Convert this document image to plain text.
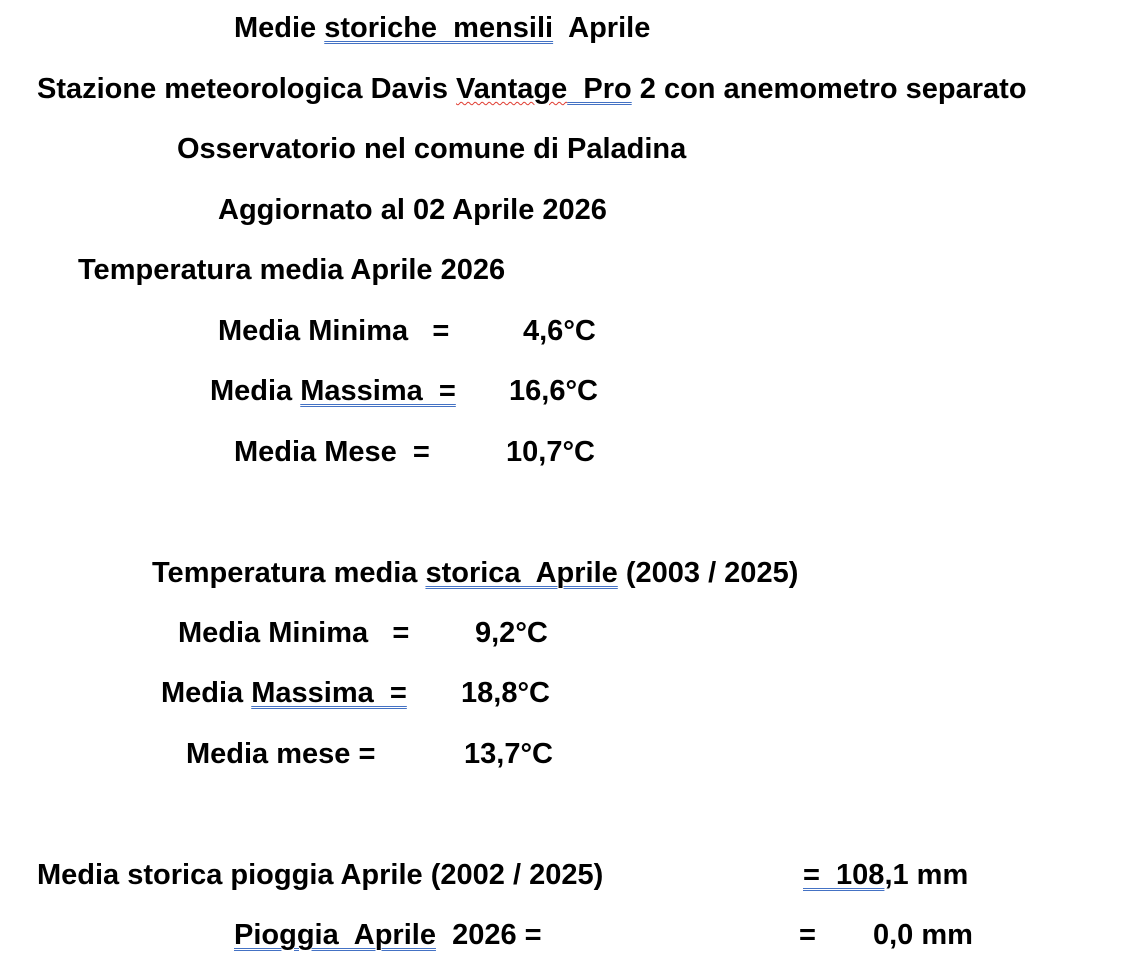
Medie storiche  mensili  Aprile
Stazione meteorologica Davis Vantage  Pro 2 con anemometro separato
Osservatorio nel comune di Paladina
Aggiornato al 02 Aprile 2026
Temperatura media Aprile 2026
Media Minima   =	4,6°C
Media Massima  = 16,6°C
Media Mese  =	10,7°C
Temperatura media storica  Aprile (2003 / 2025)
Media Minima   = 9,2°C
Media Massima  = 18,8°C
Media mese =	13,7°C
Media storica pioggia Aprile (2002 / 2025)	=  108,1 mm
Pioggia  Aprile  2026 =	= 0,0 mm
